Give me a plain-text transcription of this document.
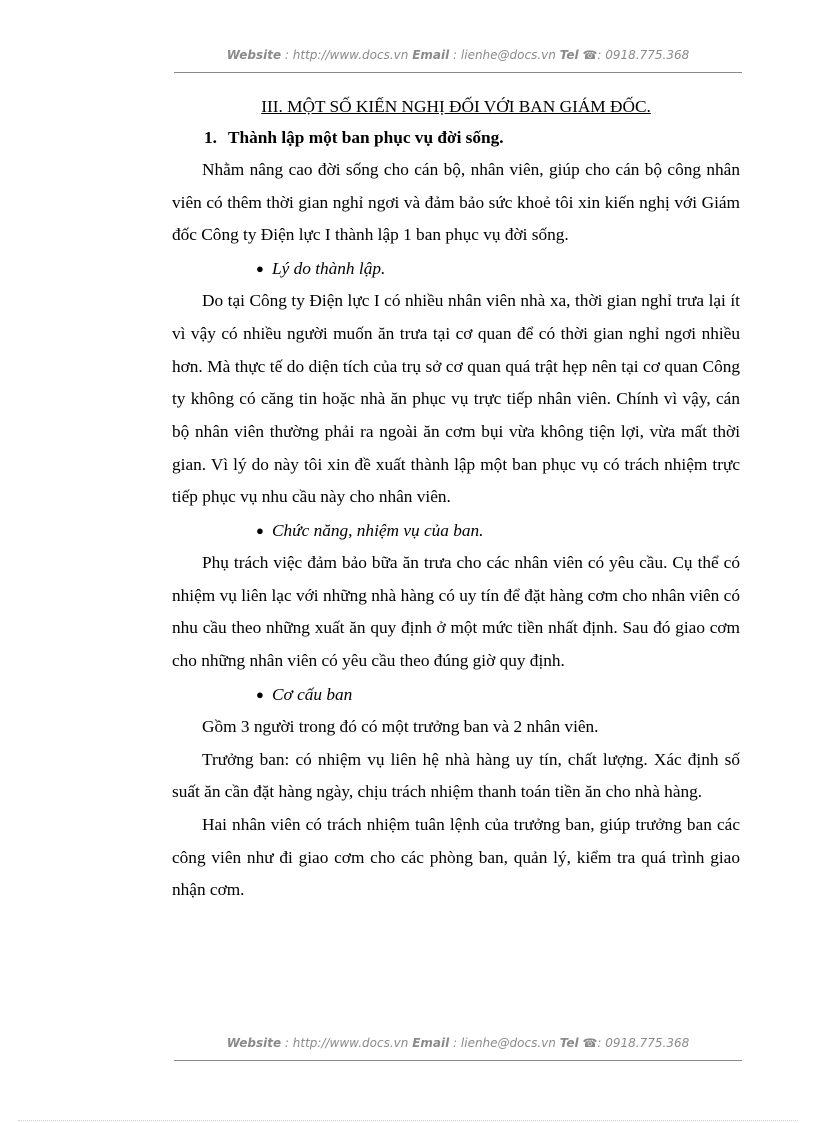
Website : http://www.docs.vn Email : lienhe@docs.vn Tel ☎: 0918.775.368
III. MỘT SỐ KIẾN NGHỊ ĐỐI VỚI BAN GIÁM ĐỐC.
1. Thành lập một ban phục vụ đời sống.

Nhằm nâng cao đời sống cho cán bộ, nhân viên, giúp cho cán bộ công nhân viên có thêm thời gian nghỉ ngơi và đảm bảo sức khoẻ tôi xin kiến nghị với Giám đốc Công ty Điện lực I thành lập 1 ban phục vụ đời sống.

● Lý do thành lập.

Do tại Công ty Điện lực I có nhiều nhân viên nhà xa, thời gian nghỉ trưa lại ít vì vậy có nhiều người muốn ăn trưa tại cơ quan để có thời gian nghỉ ngơi nhiều hơn. Mà thực tế do diện tích của trụ sở cơ quan quá trật hẹp nên tại cơ quan Công ty không có căng tin hoặc nhà ăn phục vụ trực tiếp nhân viên. Chính vì vậy, cán bộ nhân viên thường phải ra ngoài ăn cơm bụi vừa không tiện lợi, vừa mất thời gian. Vì lý do này tôi xin đề xuất thành lập một ban phục vụ có trách nhiệm trực tiếp phục vụ nhu cầu này cho nhân viên.

● Chức năng, nhiệm vụ của ban.

Phụ trách việc đảm bảo bữa ăn trưa cho các nhân viên có yêu cầu. Cụ thể có nhiệm vụ liên lạc với những nhà hàng có uy tín để đặt hàng cơm cho nhân viên có nhu cầu theo những xuất ăn quy định ở một mức tiền nhất định. Sau đó giao cơm cho những nhân viên có yêu cầu theo đúng giờ quy định.

● Cơ cấu ban

Gồm 3 người trong đó có một trưởng ban và 2 nhân viên.

Trưởng ban: có nhiệm vụ liên hệ nhà hàng uy tín, chất lượng. Xác định số suất ăn cần đặt hàng ngày, chịu trách nhiệm thanh toán tiền ăn cho nhà hàng.

Hai nhân viên có trách nhiệm tuân lệnh của trưởng ban, giúp trưởng ban các công viên như đi giao cơm cho các phòng ban, quản lý, kiểm tra quá trình giao nhận cơm.

Website : http://www.docs.vn Email : lienhe@docs.vn Tel ☎: 0918.775.368
